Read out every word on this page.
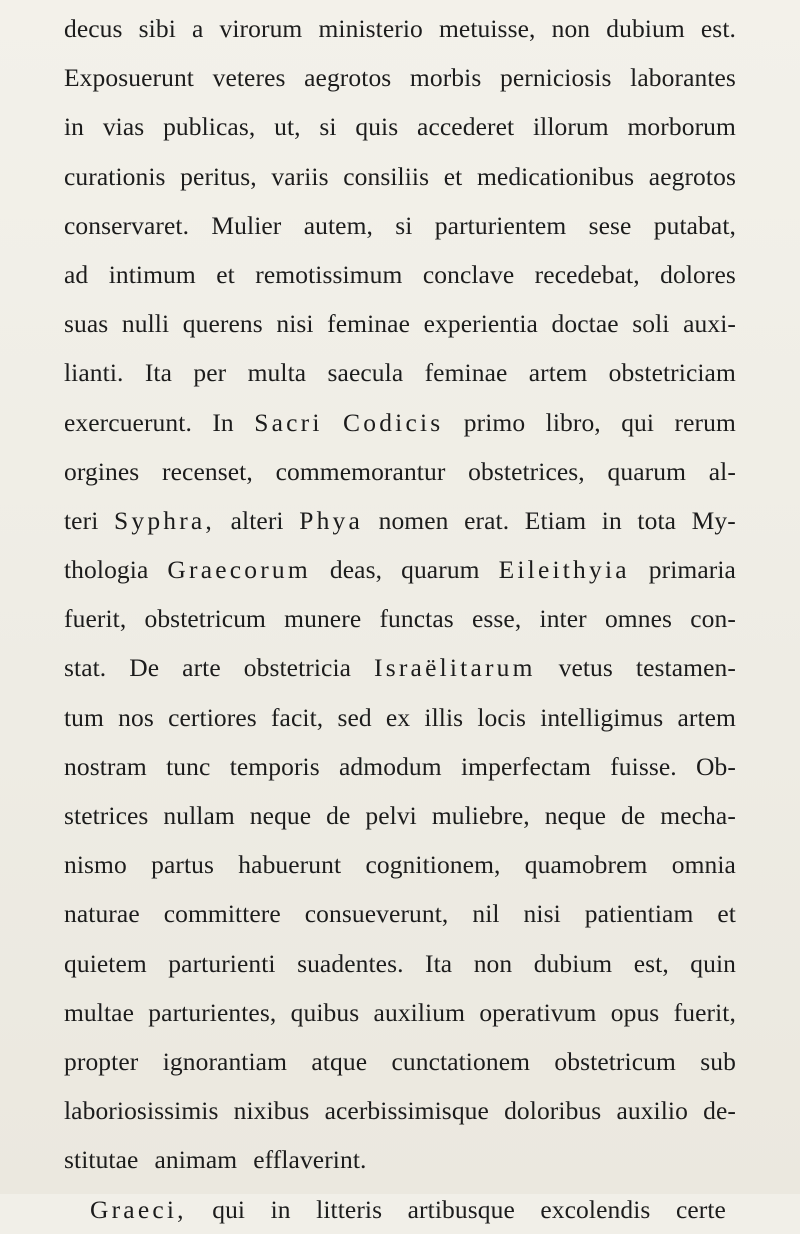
decus sibi a virorum ministerio metuisse, non dubium est.
Exposuerunt veteres aegrotos morbis perniciosis laborantes
in vias publicas, ut, si quis accederet illorum morborum
curationis peritus, variis consiliis et medicationibus aegrotos
conservaret. Mulier autem, si parturientem sese putabat,
ad intimum et remotissimum conclave recedebat, dolores
suas nulli querens nisi feminae experientia doctae soli auxi-
lianti. Ita per multa saecula feminae artem obstetriciam
exercuerunt. In Sacri Codicis primo libro, qui rerum
orgines recenset, commemorantur obstetrices, quarum al-
teri Syphra, alteri Phya nomen erat. Etiam in tota My-
thologia Graecorum deas, quarum Eileithyia primaria
fuerit, obstetricum munere functas esse, inter omnes con-
stat. De arte obstetricia Israëlitarum vetus testamen-
tum nos certiores facit, sed ex illis locis intelligimus artem
nostram tunc temporis admodum imperfectam fuisse. Ob-
stetrices nullam neque de pelvi muliebre, neque de mecha-
nismo partus habuerunt cognitionem, quamobrem omnia
naturae committere consueverunt, nil nisi patientiam et
quietem parturienti suadentes. Ita non dubium est, quin
multae parturientes, quibus auxilium operativum opus fuerit,
propter ignorantiam atque cunctationem obstetricum sub
laboriosissimis nixibus acerbissimisque doloribus auxilio de-
stitutae animam efflaverint.
Graeci, qui in litteris artibusque excolendis certe
